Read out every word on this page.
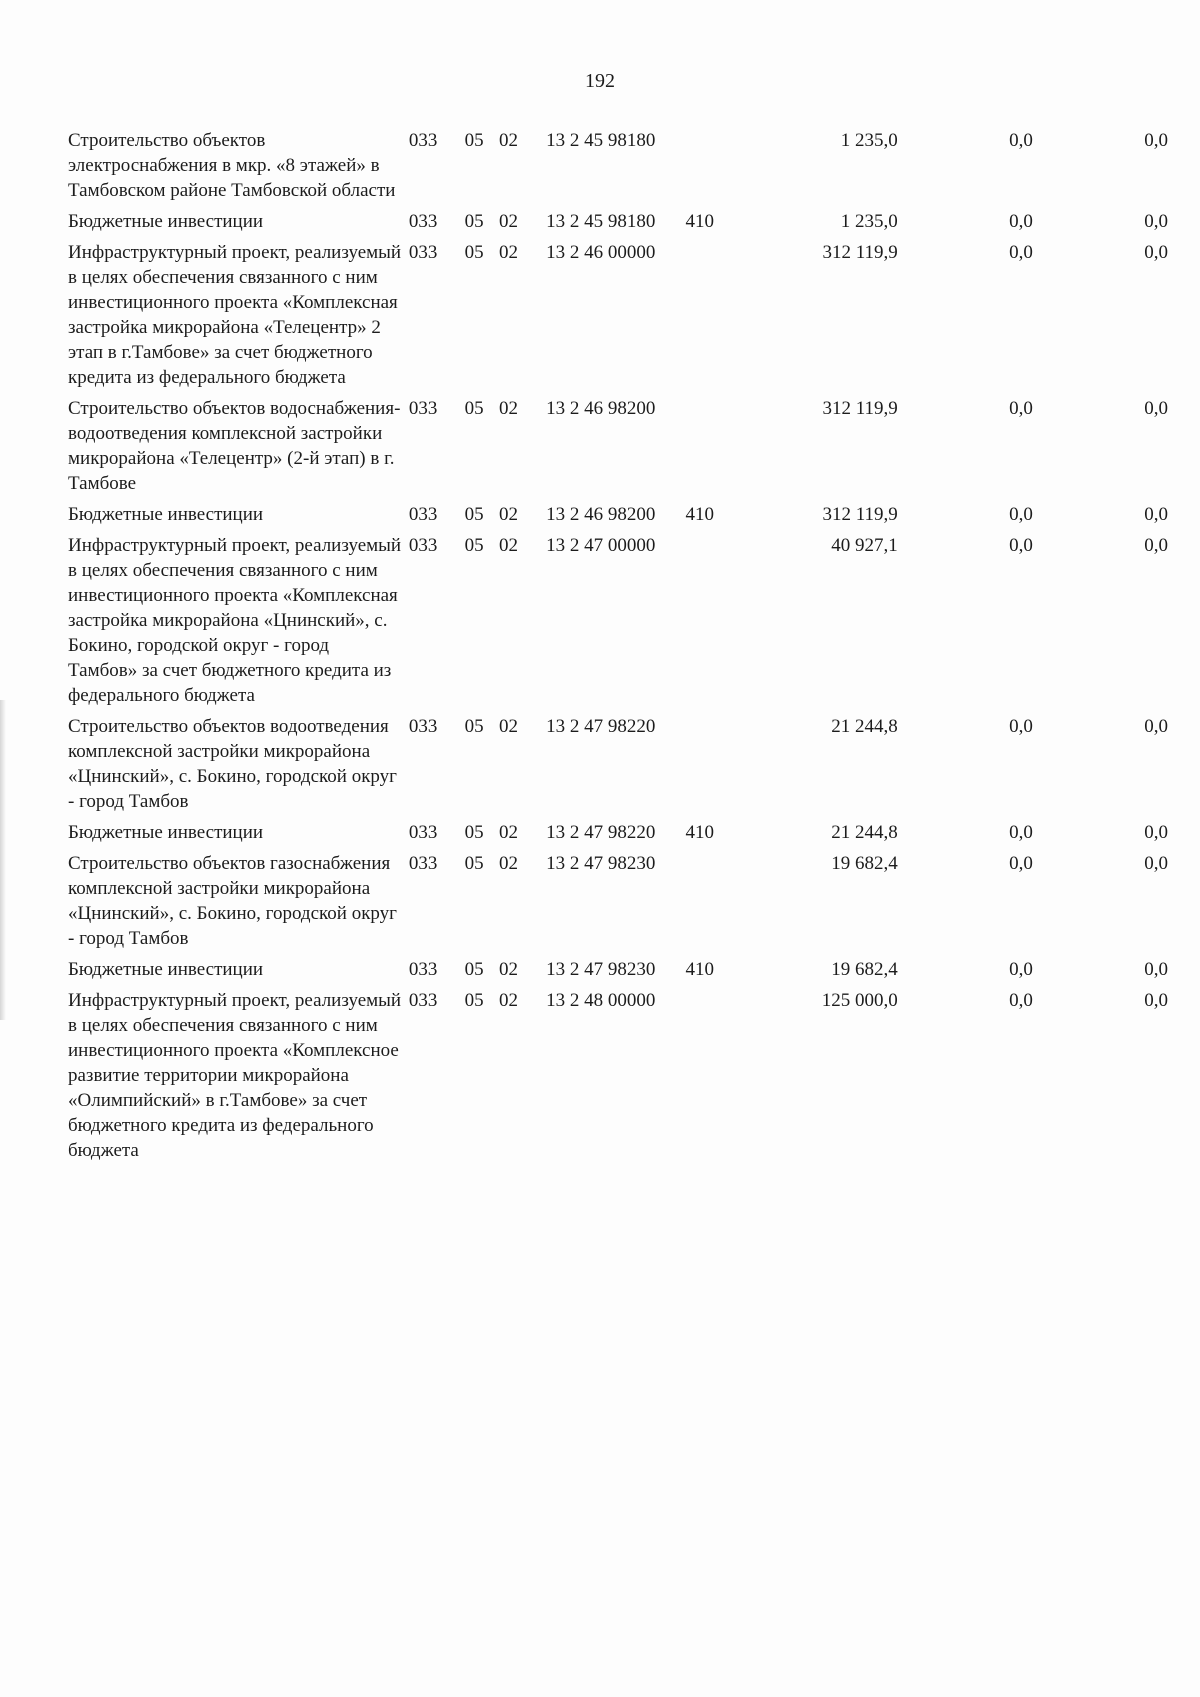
192
Строительство объектов электроснабжения в мкр. «8 этажей» в Тамбовском районе Тамбовской области	033	05	02	13 2 45 98180		1 235,0	0,0	0,0
Бюджетные инвестиции	033	05	02	13 2 45 98180	410	1 235,0	0,0	0,0
Инфраструктурный проект, реализуемый в целях обеспечения связанного с ним инвестиционного проекта «Комплексная застройка микрорайона «Телецентр» 2 этап в г.Тамбове» за счет бюджетного кредита из федерального бюджета	033	05	02	13 2 46 00000		312 119,9	0,0	0,0
Строительство объектов водоснабжения-водоотведения комплексной застройки микрорайона «Телецентр» (2-й этап) в г. Тамбове	033	05	02	13 2 46 98200		312 119,9	0,0	0,0
Бюджетные инвестиции	033	05	02	13 2 46 98200	410	312 119,9	0,0	0,0
Инфраструктурный проект, реализуемый в целях обеспечения связанного с ним инвестиционного проекта «Комплексная застройка микрорайона «Цнинский», с. Бокино, городской округ - город Тамбов» за счет бюджетного кредита из федерального бюджета	033	05	02	13 2 47 00000		40 927,1	0,0	0,0
Строительство объектов водоотведения комплексной застройки микрорайона «Цнинский», с. Бокино, городской округ - город Тамбов	033	05	02	13 2 47 98220		21 244,8	0,0	0,0
Бюджетные инвестиции	033	05	02	13 2 47 98220	410	21 244,8	0,0	0,0
Строительство объектов газоснабжения комплексной застройки микрорайона «Цнинский», с. Бокино, городской округ - город Тамбов	033	05	02	13 2 47 98230		19 682,4	0,0	0,0
Бюджетные инвестиции	033	05	02	13 2 47 98230	410	19 682,4	0,0	0,0
Инфраструктурный проект, реализуемый в целях обеспечения связанного с ним инвестиционного проекта «Комплексное развитие территории микрорайона «Олимпийский» в г.Тамбове» за счет бюджетного кредита из федерального бюджета	033	05	02	13 2 48 00000		125 000,0	0,0	0,0
